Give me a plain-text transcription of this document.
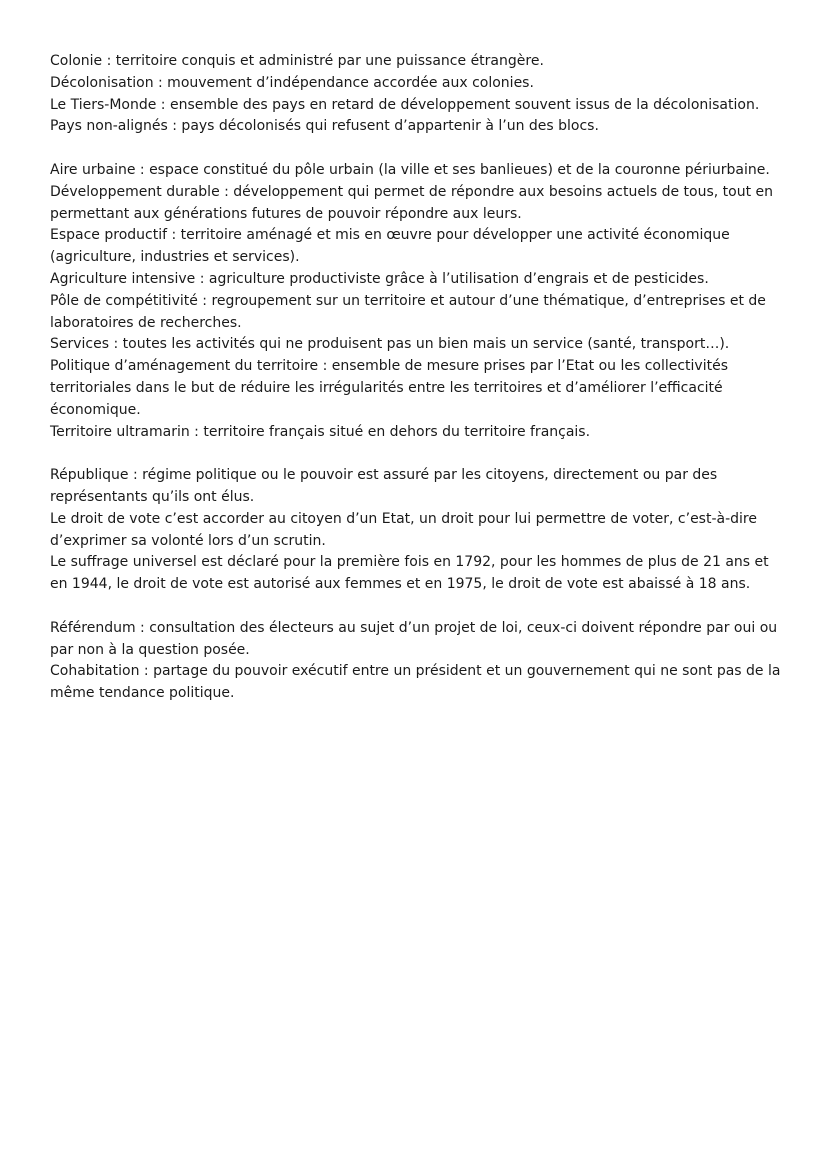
Colonie : territoire conquis et administré par une puissance étrangère.

Décolonisation : mouvement d’indépendance accordée aux colonies.

Le Tiers-Monde : ensemble des pays en retard de développement souvent issus de la décolonisation.

Pays non-alignés : pays décolonisés qui refusent d’appartenir à l’un des blocs.

Aire urbaine : espace constitué du pôle urbain (la ville et ses banlieues) et de la couronne périurbaine.

Développement durable : développement qui permet de répondre aux besoins actuels de tous, tout en permettant aux générations futures de pouvoir répondre aux leurs.

Espace productif : territoire aménagé et mis en œuvre pour développer une activité économique (agriculture, industries et services).

Agriculture intensive : agriculture productiviste grâce à l’utilisation d’engrais et de pesticides.

Pôle de compétitivité : regroupement sur un territoire et autour d’une thématique, d’entreprises et de laboratoires de recherches.

Services : toutes les activités qui ne produisent pas un bien mais un service (santé, transport…).

Politique d’aménagement du territoire : ensemble de mesure prises par l’Etat ou les collectivités territoriales dans le but de réduire les irrégularités entre les territoires et d’améliorer l’efficacité économique.

Territoire ultramarin : territoire français situé en dehors du territoire français.

République : régime politique ou le pouvoir est assuré par les citoyens, directement ou par des représentants qu’ils ont élus.

Le droit de vote c’est accorder au citoyen d’un Etat, un droit pour lui permettre de voter, c’est-à-dire d’exprimer sa volonté lors d’un scrutin.

Le suffrage universel est déclaré pour la première fois en 1792, pour les hommes de plus de 21 ans et en 1944, le droit de vote est autorisé aux femmes et en 1975, le droit de vote est abaissé à 18 ans.

Référendum : consultation des électeurs au sujet d’un projet de loi, ceux-ci doivent répondre par oui ou par non à la question posée.

Cohabitation : partage du pouvoir exécutif entre un président et un gouvernement qui ne sont pas de la même tendance politique.
